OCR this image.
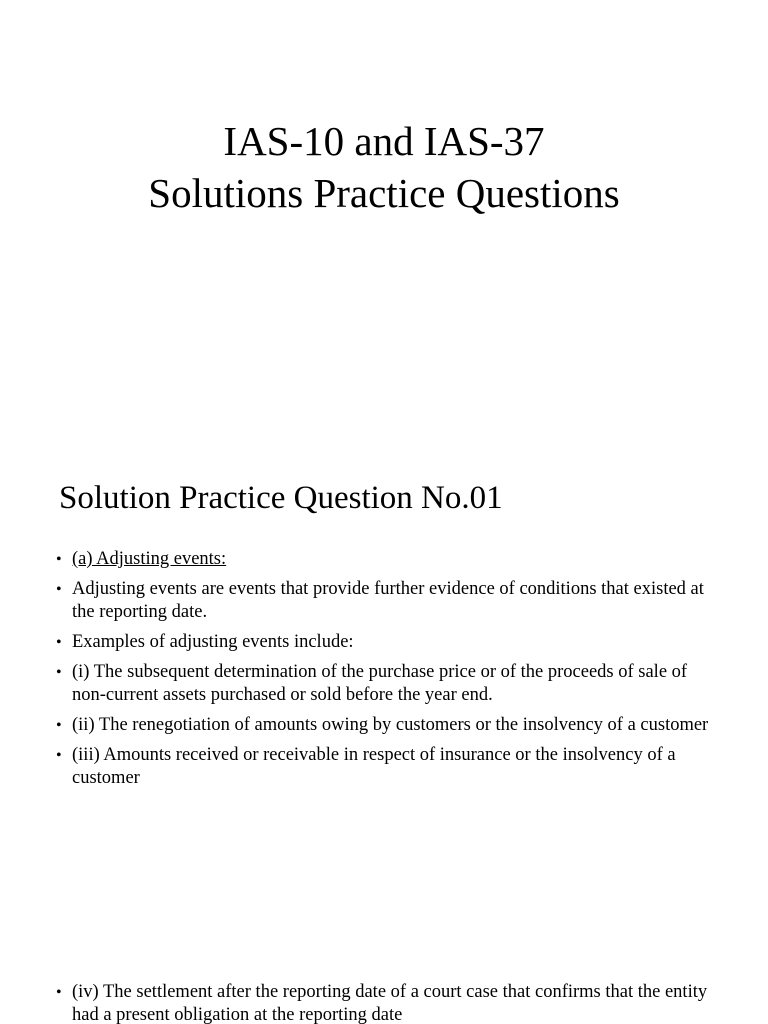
IAS-10 and IAS-37
Solutions Practice Questions
Solution Practice Question No.01
• (a) Adjusting events:
• Adjusting events are events that provide further evidence of conditions that existed at the reporting date.
• Examples of adjusting events include:
• (i) The subsequent determination of the purchase price or of the proceeds of sale of non-current assets purchased or sold before the year end.
• (ii) The renegotiation of amounts owing by customers or the insolvency of a customer
• (iii) Amounts received or receivable in respect of insurance or the insolvency of a customer
• (iv) The settlement after the reporting date of a court case that confirms that the entity had a present obligation at the reporting date
